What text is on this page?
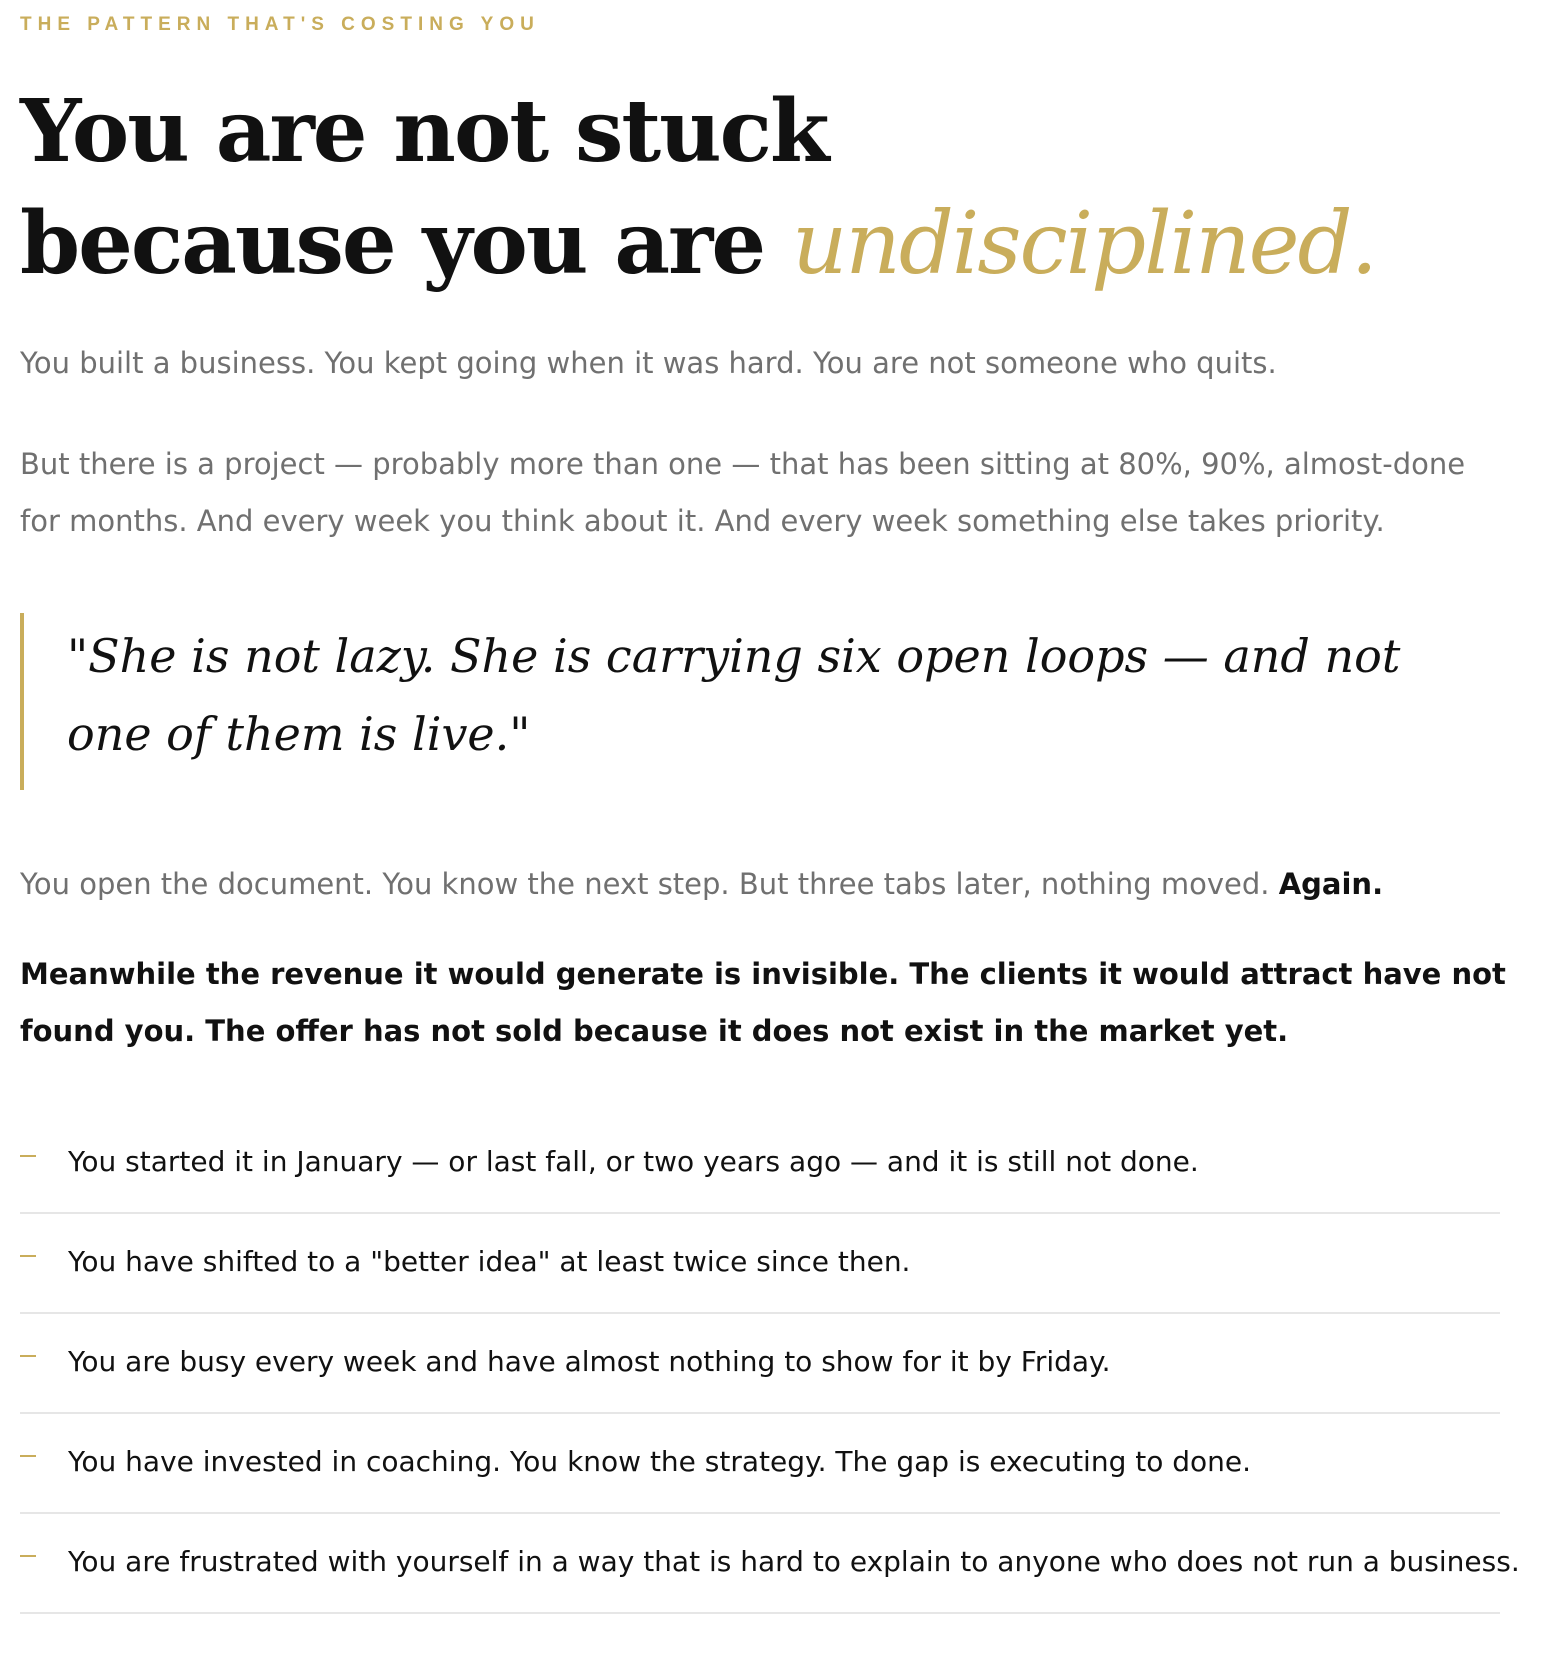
THE PATTERN THAT'S COSTING YOU
You are not stuck
because you are undisciplined.

You built a business. You kept going when it was hard. You are not someone who quits.

But there is a project — probably more than one — that has been sitting at 80%, 90%, almost-done for months. And every week you think about it. And every week something else takes priority.

"She is not lazy. She is carrying six open loops — and not one of them is live."

You open the document. You know the next step. But three tabs later, nothing moved. Again.

Meanwhile the revenue it would generate is invisible. The clients it would attract have not found you. The offer has not sold because it does not exist in the market yet.

You started it in January — or last fall, or two years ago — and it is still not done.
You have shifted to a "better idea" at least twice since then.
You are busy every week and have almost nothing to show for it by Friday.
You have invested in coaching. You know the strategy. The gap is executing to done.
You are frustrated with yourself in a way that is hard to explain to anyone who does not run a business.
